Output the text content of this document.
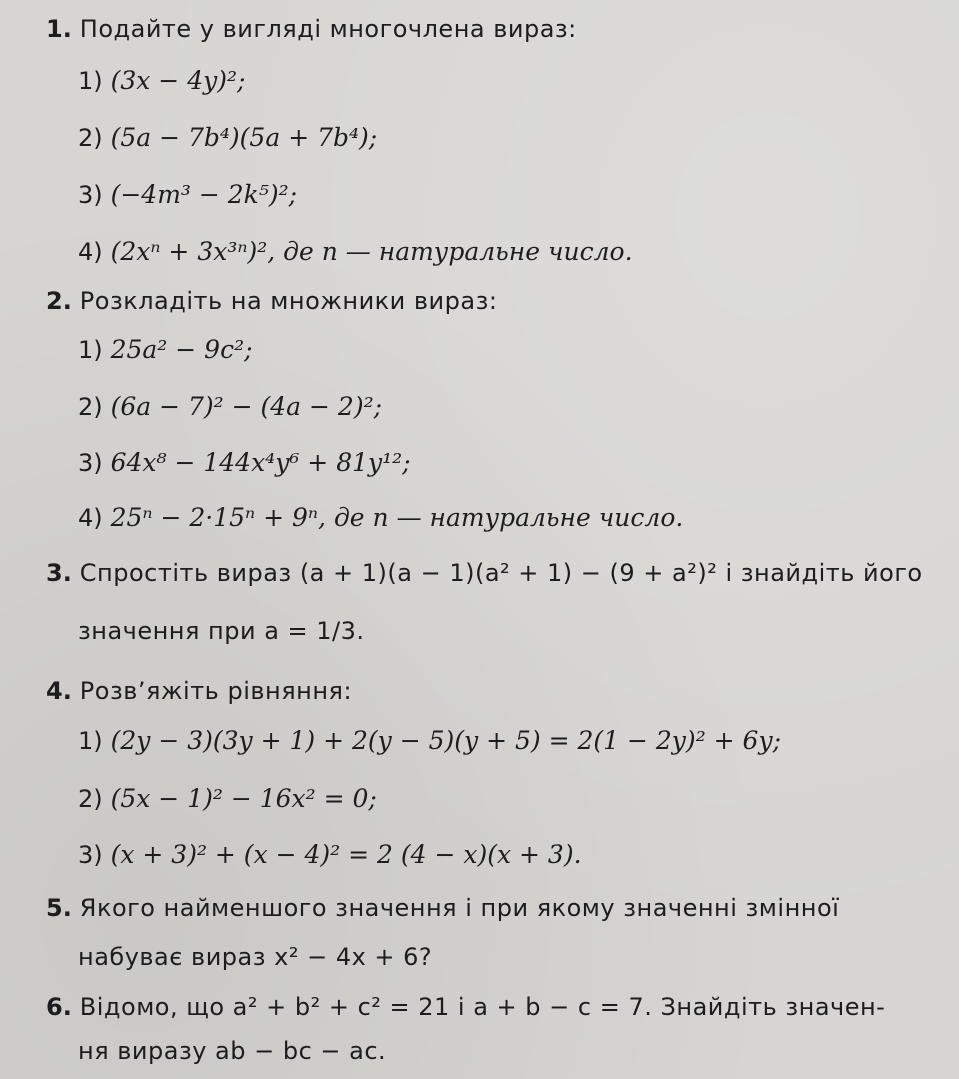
1. Подайте у вигляді многочлена вираз:
1) (3x − 4y)²;
2) (5a − 7b⁴)(5a + 7b⁴);
3) (−4m³ − 2k⁵)²;
4) (2xⁿ + 3x³ⁿ)², де n — натуральне число.
2. Розкладіть на множники вираз:
1) 25a² − 9c²;
2) (6a − 7)² − (4a − 2)²;
3) 64x⁸ − 144x⁴y⁶ + 81y¹²;
4) 25ⁿ − 2·15ⁿ + 9ⁿ, де n — натуральне число.
3. Спростіть вираз (a + 1)(a − 1)(a² + 1) − (9 + a²)² і знайдіть його
значення при a = 1/3.
4. Розв’яжіть рівняння:
1) (2y − 3)(3y + 1) + 2(y − 5)(y + 5) = 2(1 − 2y)² + 6y;
2) (5x − 1)² − 16x² = 0;
3) (x + 3)² + (x − 4)² = 2 (4 − x)(x + 3).
5. Якого найменшого значення і при якому значенні змінної
набуває вираз x² − 4x + 6?
6. Відомо, що a² + b² + c² = 21 і a + b − c = 7. Знайдіть значен-
ня виразу ab − bc − ac.
